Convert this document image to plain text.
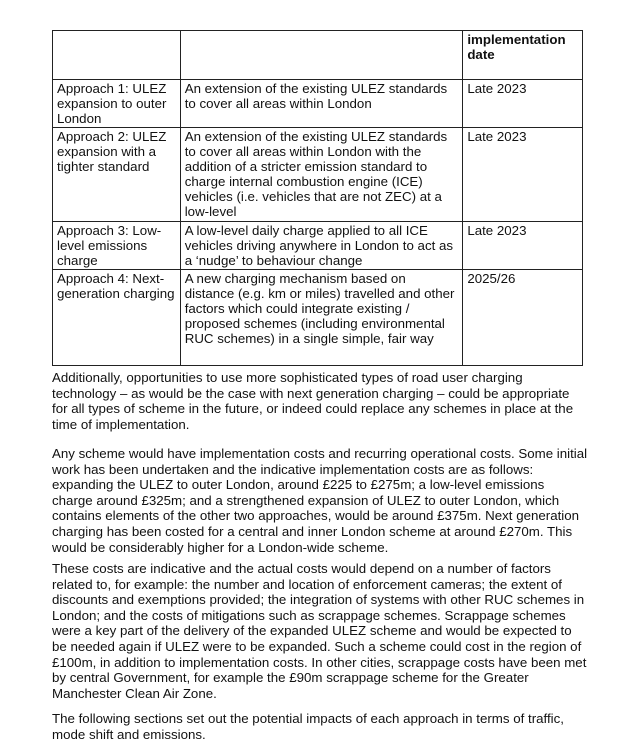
		implementation date
Approach 1: ULEZ expansion to outer London	An extension of the existing ULEZ standards to cover all areas within London	Late 2023
Approach 2: ULEZ expansion with a tighter standard	An extension of the existing ULEZ standards to cover all areas within London with the addition of a stricter emission standard to charge internal combustion engine (ICE) vehicles (i.e. vehicles that are not ZEC) at a low-level	Late 2023
Approach 3: Low-level emissions charge	A low-level daily charge applied to all ICE vehicles driving anywhere in London to act as a ‘nudge’ to behaviour change	Late 2023
Approach 4: Next-generation charging	A new charging mechanism based on distance (e.g. km or miles) travelled and other factors which could integrate existing / proposed schemes (including environmental RUC schemes) in a single simple, fair way	2025/26

Additionally, opportunities to use more sophisticated types of road user charging technology – as would be the case with next generation charging – could be appropriate for all types of scheme in the future, or indeed could replace any schemes in place at the time of implementation.

Any scheme would have implementation costs and recurring operational costs. Some initial work has been undertaken and the indicative implementation costs are as follows: expanding the ULEZ to outer London, around £225 to £275m; a low-level emissions charge around £325m; and a strengthened expansion of ULEZ to outer London, which contains elements of the other two approaches, would be around £375m. Next generation charging has been costed for a central and inner London scheme at around £270m. This would be considerably higher for a London-wide scheme.

These costs are indicative and the actual costs would depend on a number of factors related to, for example: the number and location of enforcement cameras; the extent of discounts and exemptions provided; the integration of systems with other RUC schemes in London; and the costs of mitigations such as scrappage schemes. Scrappage schemes were a key part of the delivery of the expanded ULEZ scheme and would be expected to be needed again if ULEZ were to be expanded. Such a scheme could cost in the region of £100m, in addition to implementation costs. In other cities, scrappage costs have been met by central Government, for example the £90m scrappage scheme for the Greater Manchester Clean Air Zone.

The following sections set out the potential impacts of each approach in terms of traffic, mode shift and emissions.
